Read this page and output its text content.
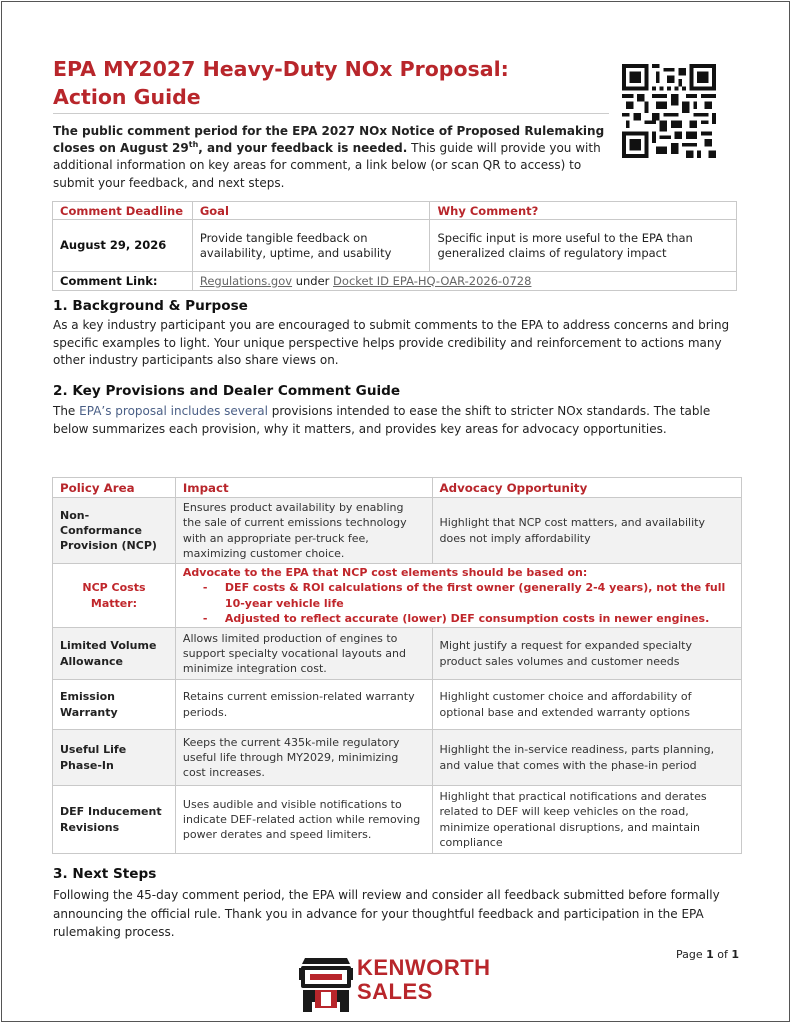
EPA MY2027 Heavy-Duty NOx Proposal:
Action Guide
The public comment period for the EPA 2027 NOx Notice of Proposed Rulemaking closes on August 29th, and your feedback is needed. This guide will provide you with additional information on key areas for comment, a link below (or scan QR to access) to submit your feedback, and next steps.
Comment Deadline	Goal	Why Comment?
August 29, 2026	Provide tangible feedback on availability, uptime, and usability	Specific input is more useful to the EPA than generalized claims of regulatory impact
Comment Link:	Regulations.gov under Docket ID EPA-HQ-OAR-2026-0728	
1. Background & Purpose
As a key industry participant you are encouraged to submit comments to the EPA to address concerns and bring specific examples to light. Your unique perspective helps provide credibility and reinforcement to actions many other industry participants also share views on.
2. Key Provisions and Dealer Comment Guide
The EPA’s proposal includes several provisions intended to ease the shift to stricter NOx standards. The table below summarizes each provision, why it matters, and provides key areas for advocacy opportunities.
Policy Area	Impact	Advocacy Opportunity
Non-Conformance Provision (NCP)	Ensures product availability by enabling the sale of current emissions technology with an appropriate per-truck fee, maximizing customer choice.	Highlight that NCP cost matters, and availability does not imply affordability
NCP Costs Matter:	Advocate to the EPA that NCP cost elements should be based on:
- DEF costs & ROI calculations of the first owner (generally 2-4 years), not the full 10-year vehicle life
- Adjusted to reflect accurate (lower) DEF consumption costs in newer engines.	

Limited Volume Allowance	Allows limited production of engines to support specialty vocational layouts and minimize integration cost.	Might justify a request for expanded specialty product sales volumes and customer needs
Emission Warranty	Retains current emission-related warranty periods.	Highlight customer choice and affordability of optional base and extended warranty options
Useful Life Phase-In	Keeps the current 435k-mile regulatory useful life through MY2029, minimizing cost increases.	Highlight the in-service readiness, parts planning, and value that comes with the phase-in period
DEF Inducement Revisions	Uses audible and visible notifications to indicate DEF-related action while removing power derates and speed limiters.	Highlight that practical notifications and derates related to DEF will keep vehicles on the road, minimize operational disruptions, and maintain compliance
3. Next Steps
Following the 45-day comment period, the EPA will review and consider all feedback submitted before formally announcing the official rule. Thank you in advance for your thoughtful feedback and participation in the EPA rulemaking process.
Page 1 of 1
KENWORTH
SALES
